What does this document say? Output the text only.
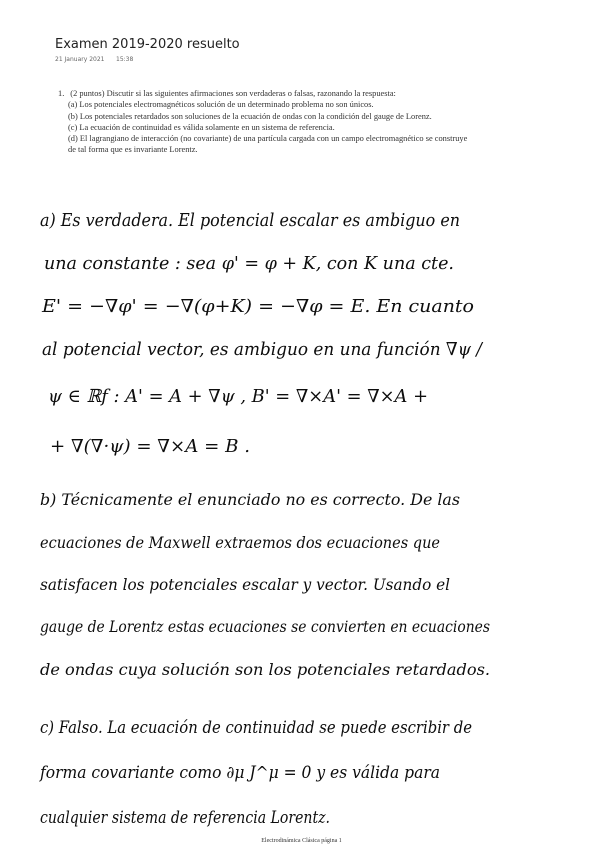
Examen 2019-2020 resuelto
21 January 2021 15:38
1. (2 puntos) Discutir si las siguientes afirmaciones son verdaderas o falsas, razonando la respuesta:
(a) Los potenciales electromagnéticos solución de un determinado problema no son únicos.
(b) Los potenciales retardados son soluciones de la ecuación de ondas con la condición del gauge de Lorenz.
(c) La ecuación de continuidad es válida solamente en un sistema de referencia.
(d) El lagrangiano de interacción (no covariante) de una partícula cargada con un campo electromagnético se construye de tal forma que es invariante Lorentz.
a) Es verdadera. El potencial escalar es ambiguo en
una constante : sea φ' = φ + K, con K una cte.
E' = −∇φ' = −∇(φ+K) = −∇φ = E. En cuanto
al potencial vector, es ambiguo en una función ∇ψ /
ψ ∈ ℝf : A' = A + ∇ψ , B' = ∇×A' = ∇×A +
+ ∇(∇·ψ) = ∇×A = B .
b) Técnicamente el enunciado no es correcto. De las
ecuaciones de Maxwell extraemos dos ecuaciones que
satisfacen los potenciales escalar y vector. Usando el
gauge de Lorentz estas ecuaciones se convierten en ecuaciones
de ondas cuya solución son los potenciales retardados.
c) Falso. La ecuación de continuidad se puede escribir de
forma covariante como ∂μ J^μ = 0 y es válida para
cualquier sistema de referencia Lorentz.
Electrodinámica Clásica página 1
